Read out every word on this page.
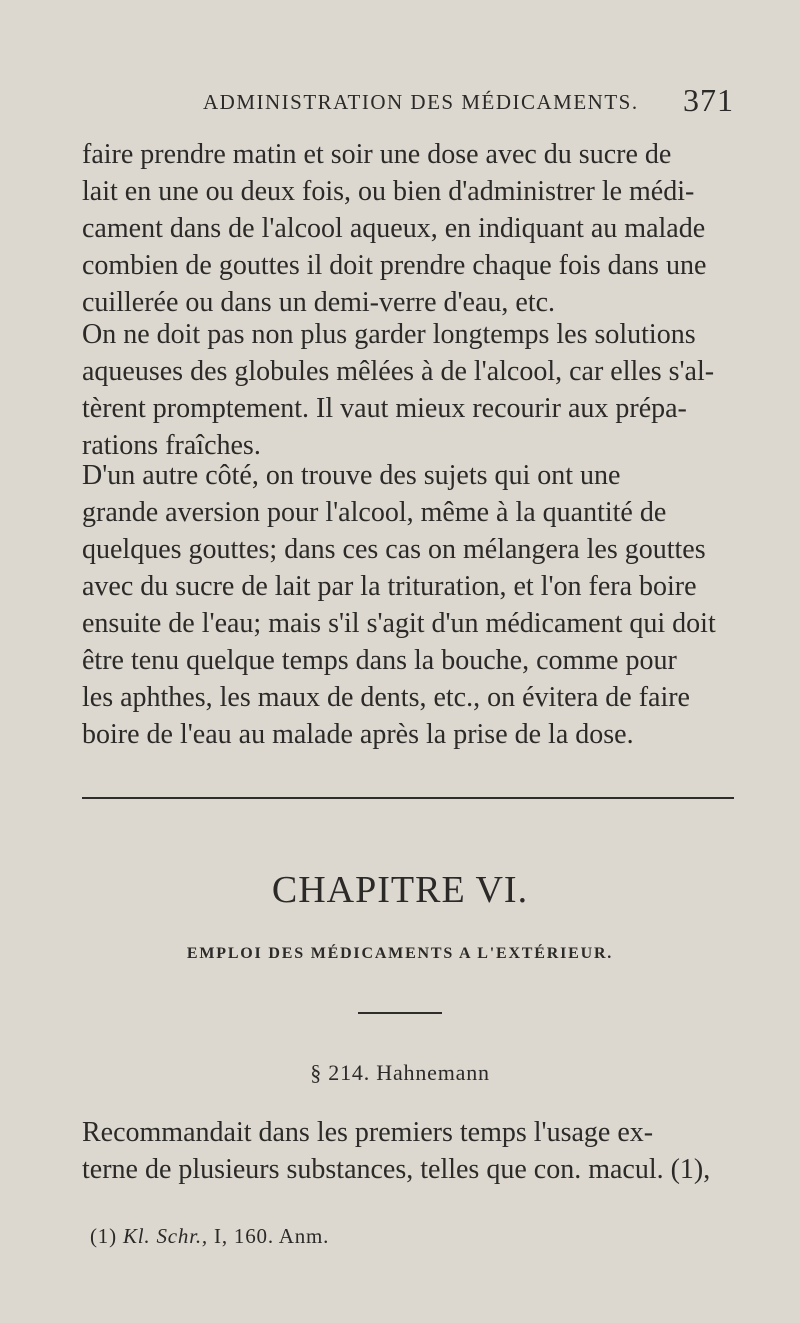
ADMINISTRATION DES MÉDICAMENTS. 371

faire prendre matin et soir une dose avec du sucre de
lait en une ou deux fois, ou bien d'administrer le médi-
cament dans de l'alcool aqueux, en indiquant au malade
combien de gouttes il doit prendre chaque fois dans une
cuillerée ou dans un demi-verre d'eau, etc.

On ne doit pas non plus garder longtemps les solutions
aqueuses des globules mêlées à de l'alcool, car elles s'al-
tèrent promptement. Il vaut mieux recourir aux prépa-
rations fraîches.

D'un autre côté, on trouve des sujets qui ont une
grande aversion pour l'alcool, même à la quantité de
quelques gouttes; dans ces cas on mélangera les gouttes
avec du sucre de lait par la trituration, et l'on fera boire
ensuite de l'eau; mais s'il s'agit d'un médicament qui doit
être tenu quelque temps dans la bouche, comme pour
les aphthes, les maux de dents, etc., on évitera de faire
boire de l'eau au malade après la prise de la dose.

CHAPITRE VI.
EMPLOI DES MÉDICAMENTS A L'EXTÉRIEUR.
§ 214. Hahnemann

Recommandait dans les premiers temps l'usage ex-
terne de plusieurs substances, telles que con. macul. (1),

(1) Kl. Schr., I, 160. Anm.
